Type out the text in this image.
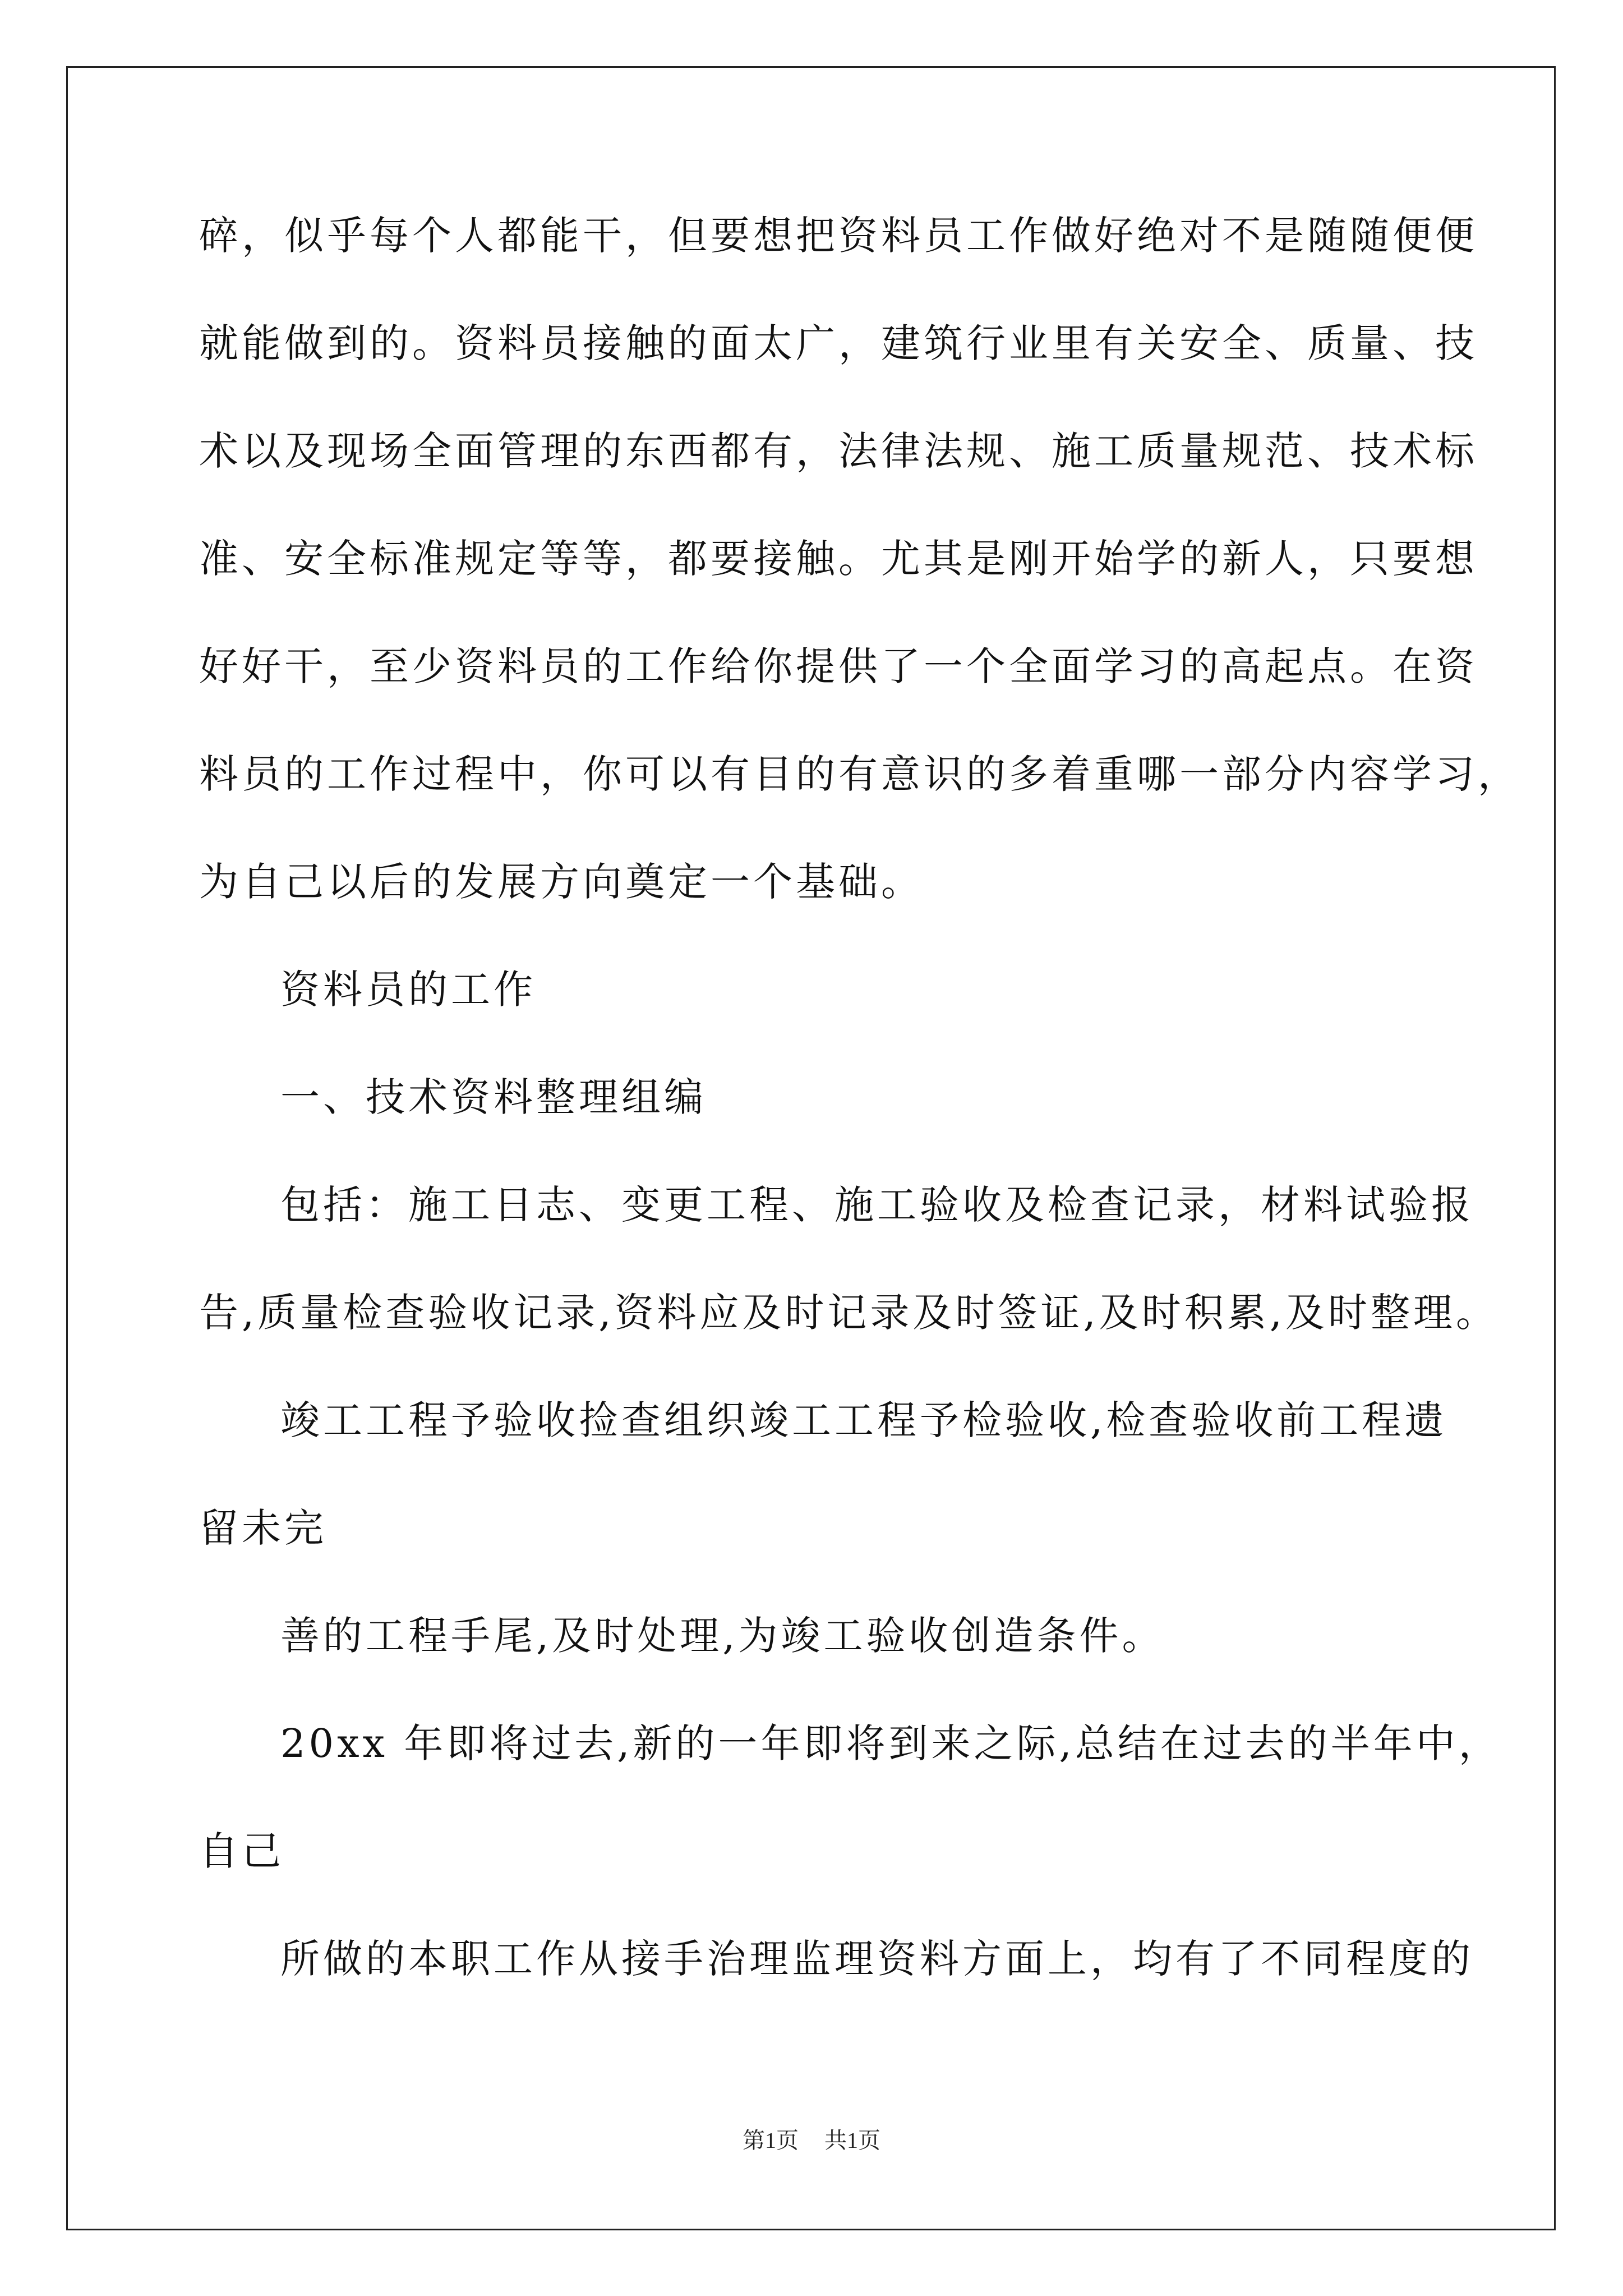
碎，似乎每个人都能干，但要想把资料员工作做好绝对不是随随便便
就能做到的。资料员接触的面太广，建筑行业里有关安全、质量、技
术以及现场全面管理的东西都有，法律法规、施工质量规范、技术标
准、安全标准规定等等，都要接触。尤其是刚开始学的新人，只要想
好好干，至少资料员的工作给你提供了一个全面学习的高起点。在资
料员的工作过程中，你可以有目的有意识的多着重哪一部分内容学习，
为自己以后的发展方向奠定一个基础。
资料员的工作
一、技术资料整理组编
包括：施工日志、变更工程、施工验收及检查记录，材料试验报
告,质量检查验收记录,资料应及时记录及时签证,及时积累,及时整理。
竣工工程予验收捡查组织竣工工程予检验收,检查验收前工程遗
留未完
善的工程手尾,及时处理,为竣工验收创造条件。
20xx 年即将过去,新的一年即将到来之际,总结在过去的半年中，
自己
所做的本职工作从接手治理监理资料方面上，均有了不同程度的
第1页 共1页
